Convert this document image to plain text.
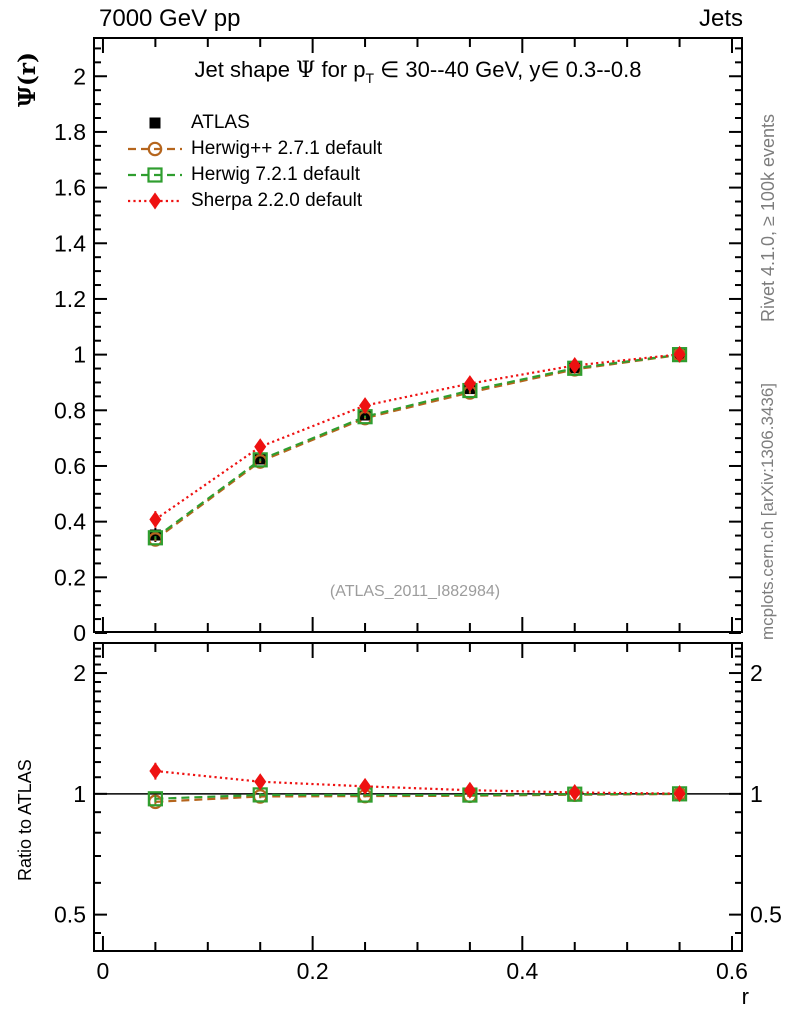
0
0.2
0.4
0.6
0.8
1
1.2
1.4
1.6
1.8
2
0	0.2	0.4	0.6
0.5	0.5
1	1
2	2
7000 GeV pp	Jets
Ψ(r)	Jet shape Ψ for $p_T$ ∈ 30--40 GeV, y∈ 0.3--0.8
ATLAS
Herwig++ 2.7.1 default
Herwig 7.2.1 default
Sherpa 2.2.0 default
(ATLAS_2011_I882984)
Rivet 4.1.0, ≥ 100k events
mcplots.cern.ch [arXiv:1306.3436]
Ratio to ATLAS
r
